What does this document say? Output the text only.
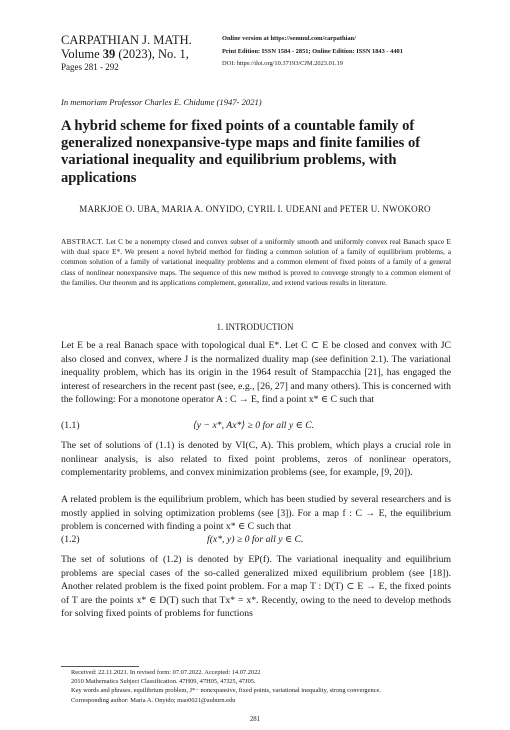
CARPATHIAN J. MATH.
Volume 39 (2023), No. 1,
Pages 281 - 292
Online version at https://semnul.com/carpathian/
Print Edition: ISSN 1584 - 2851; Online Edition: ISSN 1843 - 4401
DOI: https://doi.org/10.37193/CJM.2023.01.19
In memoriam Professor Charles E. Chidume (1947- 2021)
A hybrid scheme for fixed points of a countable family of generalized nonexpansive-type maps and finite families of variational inequality and equilibrium problems, with applications
MARKJOE O. UBA, MARIA A. ONYIDO, CYRIL I. UDEANI and PETER U. NWOKORO
ABSTRACT. Let C be a nonempty closed and convex subset of a uniformly smooth and uniformly convex real Banach space E with dual space E*. We present a novel hybrid method for finding a common solution of a family of equilibrium problems, a common solution of a family of variational inequality problems and a common element of fixed points of a family of a general class of nonlinear nonexpansive maps. The sequence of this new method is proved to converge strongly to a common element of the families. Our theorem and its applications complement, generalize, and extend various results in literature.
1. INTRODUCTION
Let E be a real Banach space with topological dual E*. Let C ⊂ E be closed and convex with JC also closed and convex, where J is the normalized duality map (see definition 2.1). The variational inequality problem, which has its origin in the 1964 result of Stampacchia [21], has engaged the interest of researchers in the recent past (see, e.g., [26, 27] and many others). This is concerned with the following: For a monotone operator A : C → E, find a point x* ∈ C such that
(1.1)	⟨y − x*, Ax*⟩ ≥ 0 for all y ∈ C.
The set of solutions of (1.1) is denoted by VI(C, A). This problem, which plays a crucial role in nonlinear analysis, is also related to fixed point problems, zeros of nonlinear operators, complementarity problems, and convex minimization problems (see, for example, [9, 20]).
A related problem is the equilibrium problem, which has been studied by several researchers and is mostly applied in solving optimization problems (see [3]). For a map f : C → E, the equilibrium problem is concerned with finding a point x* ∈ C such that
(1.2)	f(x*, y) ≥ 0 for all y ∈ C.
The set of solutions of (1.2) is denoted by EP(f). The variational inequality and equilibrium problems are special cases of the so-called generalized mixed equilibrium problem (see [18]). Another related problem is the fixed point problem. For a map T : D(T) ⊂ E → E, the fixed points of T are the points x* ∈ D(T) such that Tx* = x*. Recently, owing to the need to develop methods for solving fixed points of problems for functions
Received: 22.11.2021. In revised form: 07.07.2022. Accepted: 14.07.2022
2010 Mathematics Subject Classification. 47H09, 47H05, 47J25, 47J05.
Key words and phrases. equilibrium problem, J*− nonexpansive, fixed points, variational inequality, strong convergence.
Corresponding author: Maria A. Onyido; mao0021@auburn.edu
281
